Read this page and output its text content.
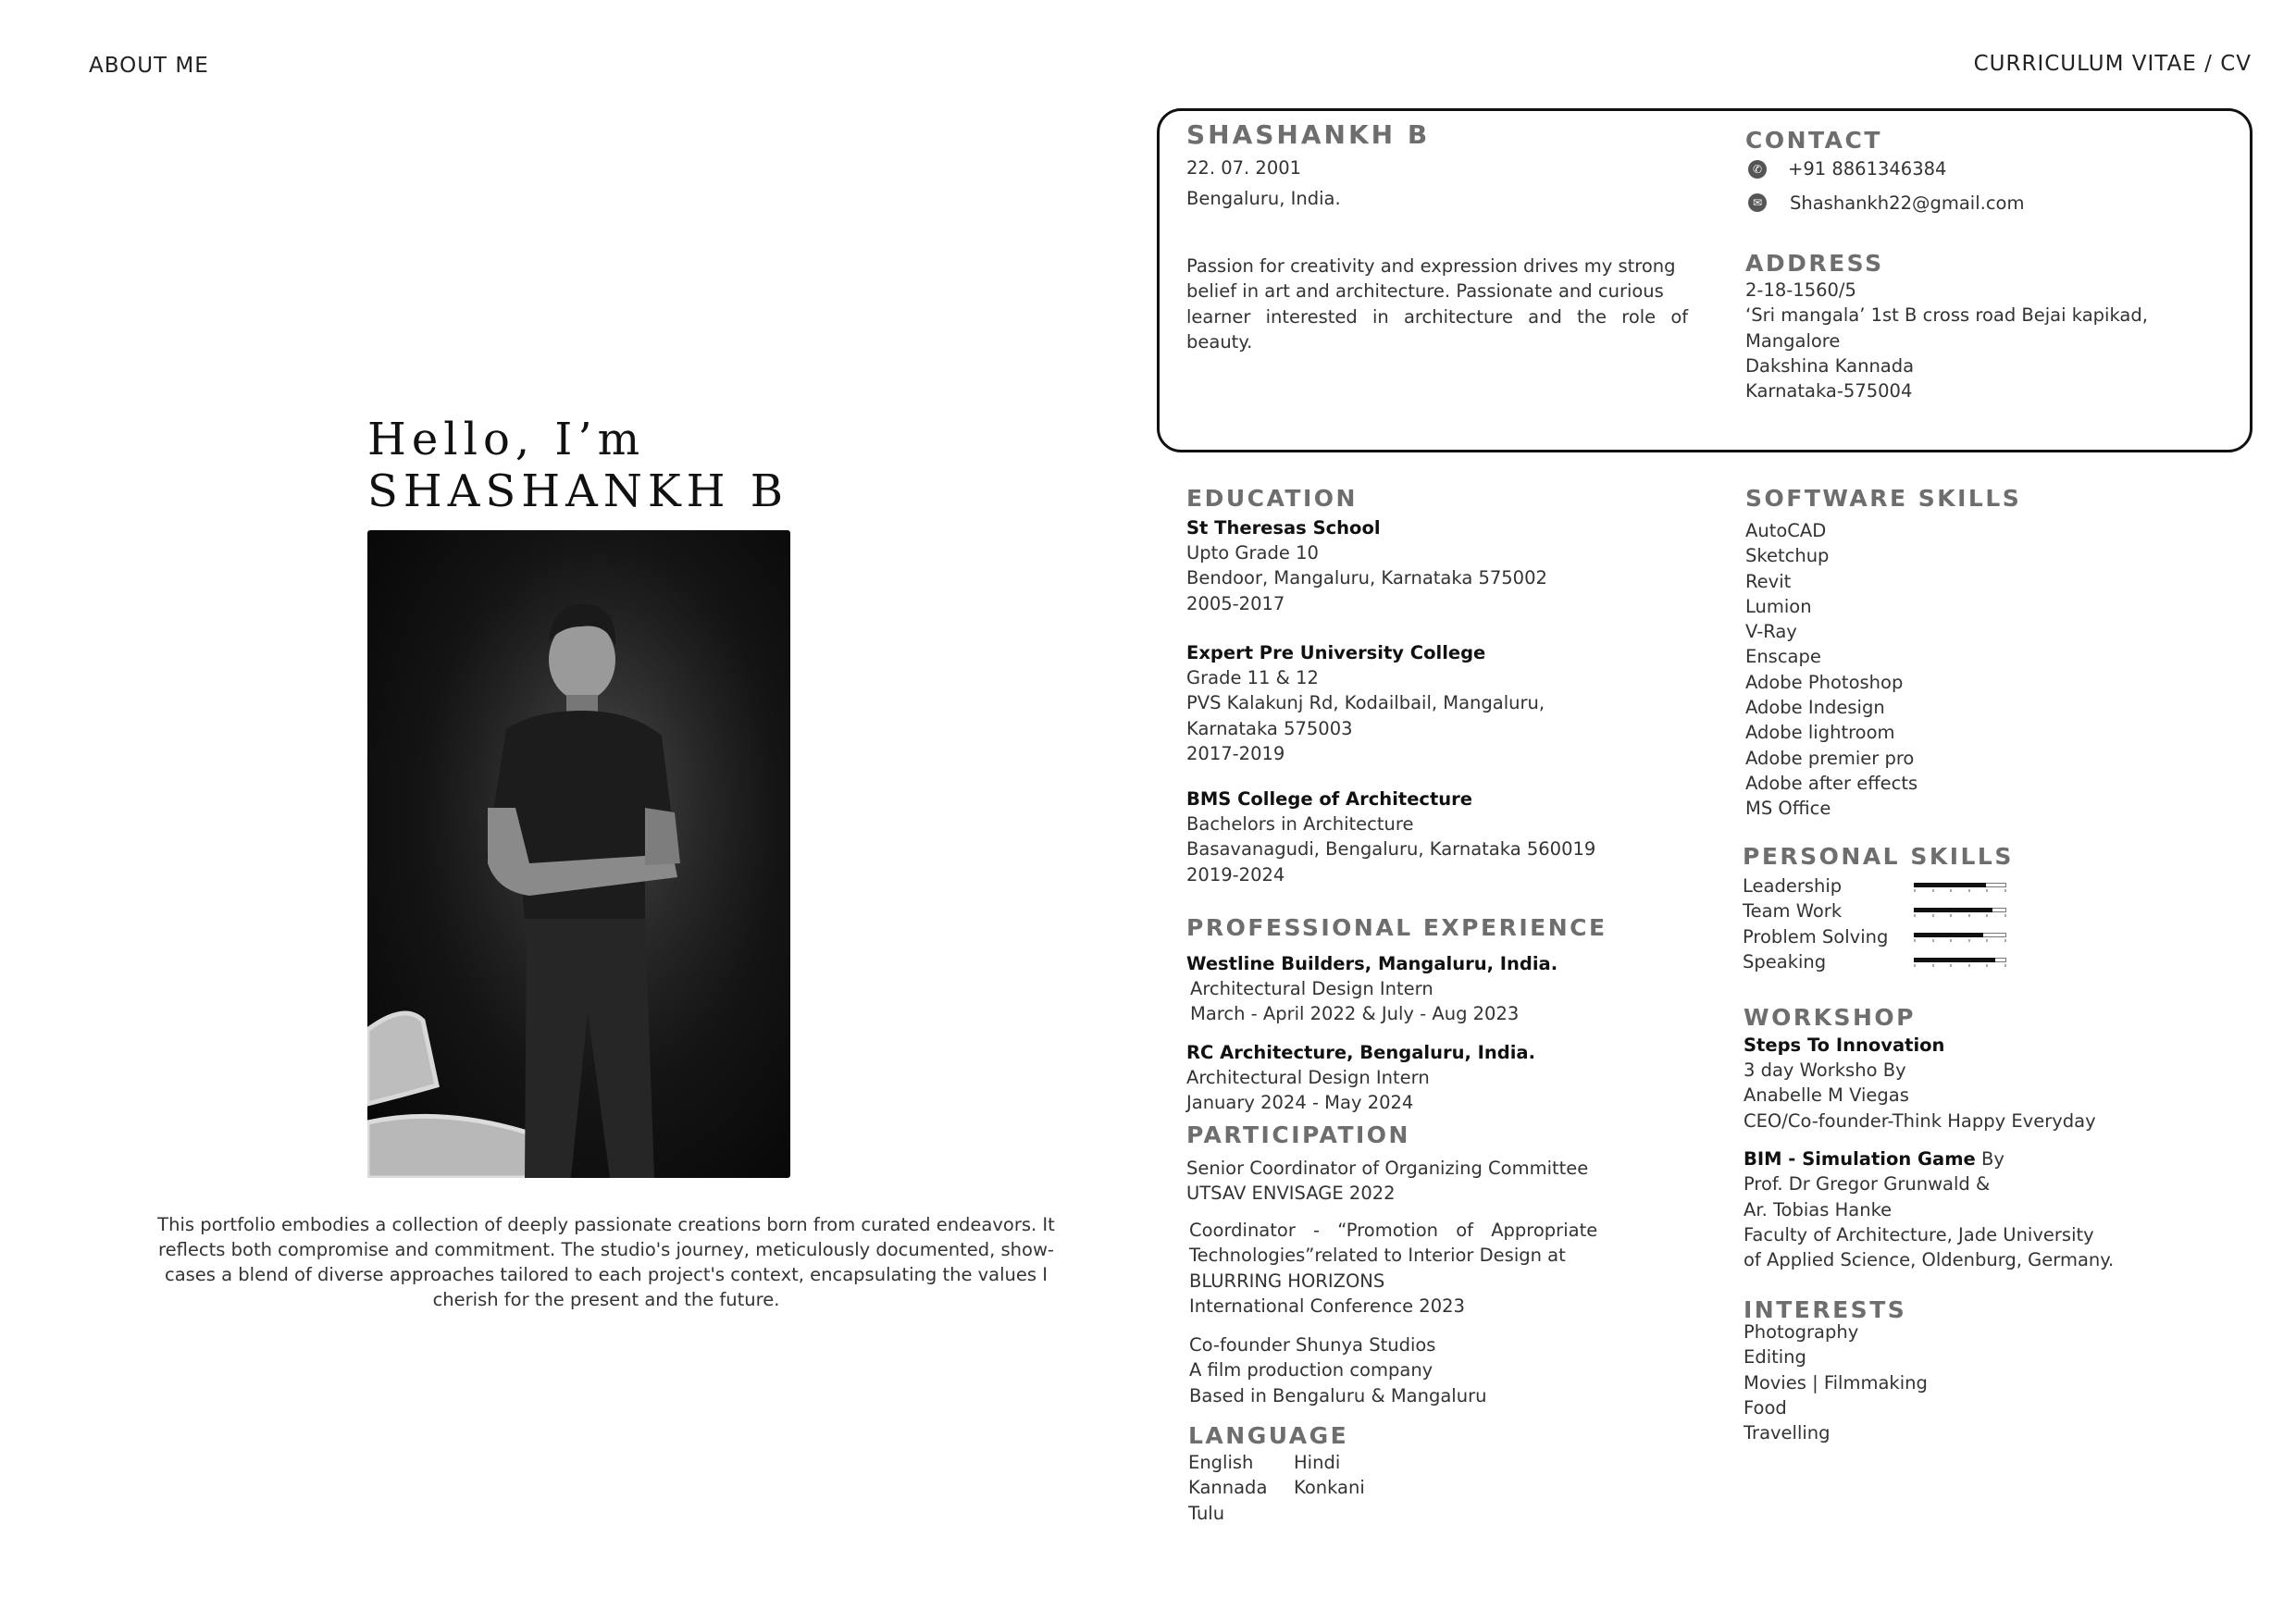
ABOUT ME	CURRICULUM VITAE / CV
Hello, I’m
SHASHANKH B
This portfolio embodies a collection of deeply passionate creations born from curated endeavors. It
reflects both compromise and commitment. The studio's journey, meticulously documented, show-
cases a blend of diverse approaches tailored to each project's context, encapsulating the values I
cherish for the present and the future.
SHASHANKH B
22. 07. 2001
Bengaluru, India.
Passion for creativity and expression drives my strong
belief in art and architecture. Passionate and curious
learner interested in architecture and the role of
beauty.
CONTACT
✆ +91 8861346384
✉ Shashankh22@gmail.com
ADDRESS
2-18-1560/5
‘Sri mangala’ 1st B cross road Bejai kapikad,
Mangalore
Dakshina Kannada
Karnataka-575004
EDUCATION
St Theresas School
Upto Grade 10
Bendoor, Mangaluru, Karnataka 575002
2005-2017
Expert Pre University College
Grade 11 & 12
PVS Kalakunj Rd, Kodailbail, Mangaluru,
Karnataka 575003
2017-2019
BMS College of Architecture
Bachelors in Architecture
Basavanagudi, Bengaluru, Karnataka 560019
2019-2024
PROFESSIONAL EXPERIENCE
Westline Builders, Mangaluru, India.
Architectural Design Intern
March - April 2022 & July - Aug 2023
RC Architecture, Bengaluru, India.
Architectural Design Intern
January 2024 - May 2024
PARTICIPATION
Senior Coordinator of Organizing Committee
UTSAV ENVISAGE 2022
Coordinator - “Promotion of Appropriate
Technologies”related to Interior Design at
BLURRING HORIZONS
International Conference 2023
Co-founder Shunya Studios
A film production company
Based in Bengaluru & Mangaluru
LANGUAGE
English
Kannada
Tulu
Hindi
Konkani
SOFTWARE SKILLS
AutoCAD
Sketchup
Revit
Lumion
V-Ray
Enscape
Adobe Photoshop
Adobe Indesign
Adobe lightroom
Adobe premier pro
Adobe after effects
MS Office
PERSONAL SKILLS
Leadership
Team Work
Problem Solving
Speaking
WORKSHOP
Steps To Innovation
3 day Worksho By
Anabelle M Viegas
CEO/Co-founder-Think Happy Everyday
BIM - Simulation Game By
Prof. Dr Gregor Grunwald &
Ar. Tobias Hanke
Faculty of Architecture, Jade University
of Applied Science, Oldenburg, Germany.
INTERESTS
Photography
Editing
Movies | Filmmaking
Food
Travelling
